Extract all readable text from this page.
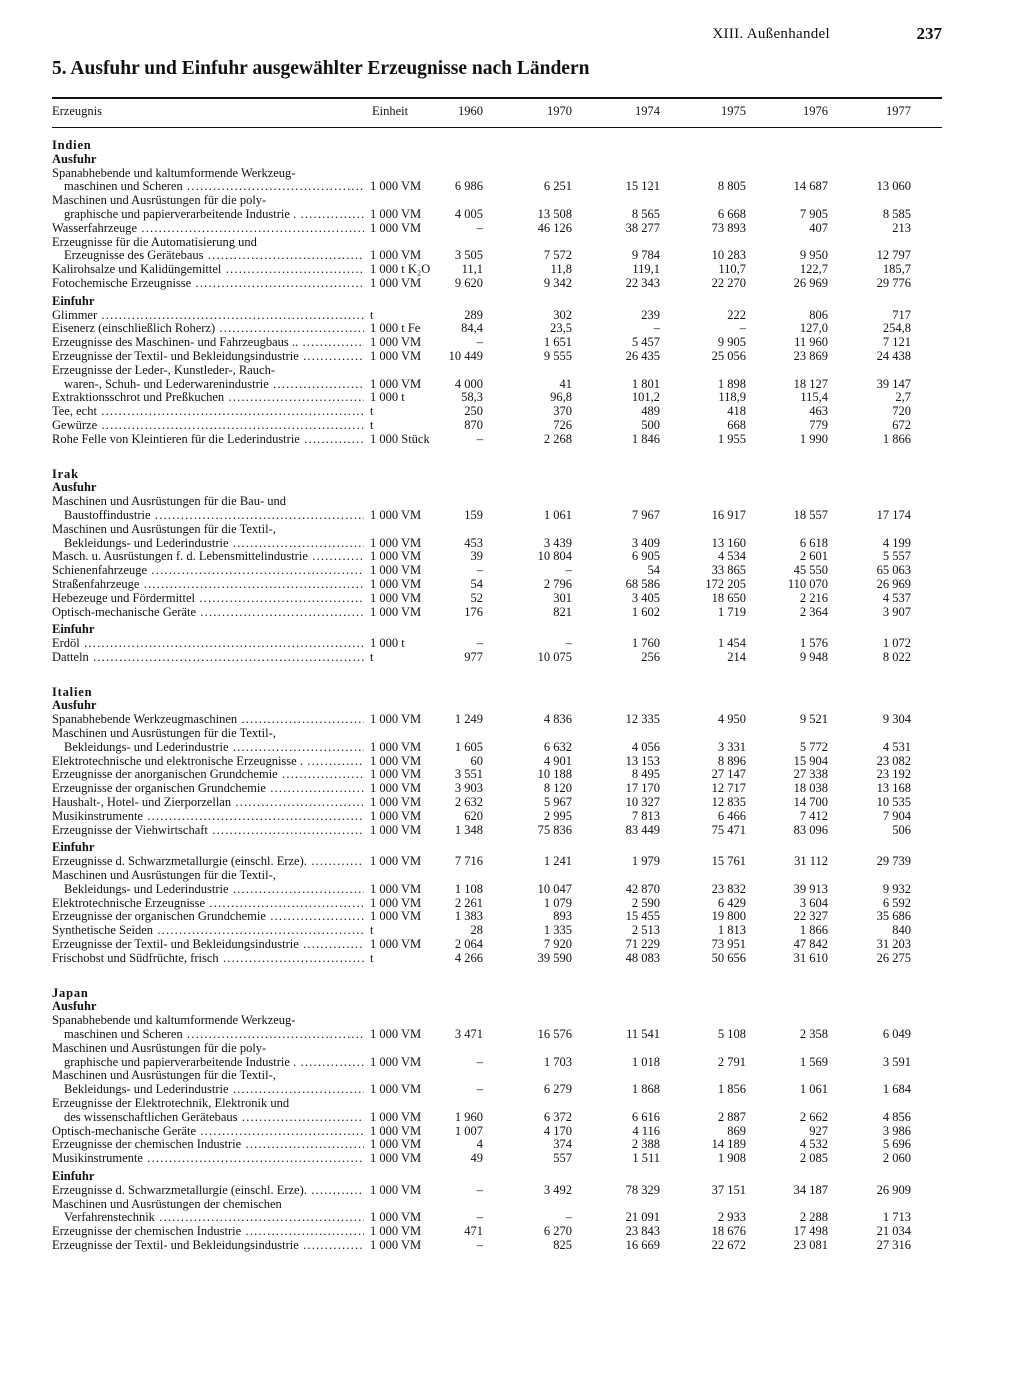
XIII. Außenhandel	237
5. Ausfuhr und Einfuhr ausgewählter Erzeugnisse nach Ländern
Erzeugnis	Einheit	1960	1970	1974	1975	1976	1977
Indien
Ausfuhr
Spanabhebende und kaltumformende Werkzeug-
maschinen und Scheren .....	1 000 VM	6 986	6 251	15 121	8 805	14 687	13 060
Maschinen und Ausrüstungen für die poly-
graphische und papierverarbeitende Industrie . .....	1 000 VM	4 005	13 508	8 565	6 668	7 905	8 585
Wasserfahrzeuge .....	1 000 VM	–	46 126	38 277	73 893	407	213
Erzeugnisse für die Automatisierung und
Erzeugnisse des Gerätebaus .....	1 000 VM	3 505	7 572	9 784	10 283	9 950	12 797
Kalirohsalze und Kalidüngemittel .....	1 000 t K₂O	11,1	11,8	119,1	110,7	122,7	185,7
Fotochemische Erzeugnisse .....	1 000 VM	9 620	9 342	22 343	22 270	26 969	29 776
Einfuhr
Glimmer .....	t	289	302	239	222	806	717
Eisenerz (einschließlich Roherz) .....	1 000 t Fe	84,4	23,5	–	–	127,0	254,8
Erzeugnisse des Maschinen- und Fahrzeugbaus .. .....	1 000 VM	–	1 651	5 457	9 905	11 960	7 121
Erzeugnisse der Textil- und Bekleidungsindustrie .....	1 000 VM 10 449	9 555	26 435	25 056	23 869	24 438
Erzeugnisse der Leder-, Kunstleder-, Rauch-
waren-, Schuh- und Lederwarenindustrie .....	1 000 VM	4 000	41	1 801	1 898	18 127	39 147
Extraktionsschrot und Preßkuchen .....	1 000 t	58,3	96,8	101,2	118,9	115,4	2,7
Tee, echt .....	t	250	370	489	418	463	720
Gewürze .....	t	870	726	500	668	779	672
Rohe Felle von Kleintieren für die Lederindustrie .....	1 000 Stück	–	2 268	1 846	1 955	1 990	1 866
Irak
Ausfuhr
Maschinen und Ausrüstungen für die Bau- und
Baustoffindustrie .....	1 000 VM	159	1 061	7 967	16 917	18 557	17 174
Maschinen und Ausrüstungen für die Textil-,
Bekleidungs- und Lederindustrie .....	1 000 VM	453	3 439	3 409	13 160	6 618	4 199
Masch. u. Ausrüstungen f. d. Lebensmittelindustrie .....	1 000 VM	39	10 804	6 905	4 534	2 601	5 557
Schienenfahrzeuge .....	1 000 VM	–	–	54	33 865	45 550	65 063
Straßenfahrzeuge .....	1 000 VM	54	2 796	68 586	172 205	110 070	26 969
Hebezeuge und Fördermittel .....	1 000 VM	52	301	3 405	18 650	2 216	4 537
Optisch-mechanische Geräte .....	1 000 VM	176	821	1 602	1 719	2 364	3 907
Einfuhr
Erdöl .....	1 000 t	–	–	1 760	1 454	1 576	1 072
Datteln .....	t	977	10 075	256	214	9 948	8 022
Italien
Ausfuhr
Spanabhebende Werkzeugmaschinen .....	1 000 VM	1 249	4 836	12 335	4 950	9 521	9 304
Maschinen und Ausrüstungen für die Textil-,
Bekleidungs- und Lederindustrie .....	1 000 VM	1 605	6 632	4 056	3 331	5 772	4 531
Elektrotechnische und elektronische Erzeugnisse . .....	1 000 VM	60	4 901	13 153	8 896	15 904	23 082
Erzeugnisse der anorganischen Grundchemie .....	1 000 VM	3 551	10 188	8 495	27 147	27 338	23 192
Erzeugnisse der organischen Grundchemie .....	1 000 VM	3 903	8 120	17 170	12 717	18 038	13 168
Haushalt-, Hotel- und Zierporzellan .....	1 000 VM	2 632	5 967	10 327	12 835	14 700	10 535
Musikinstrumente .....	1 000 VM	620	2 995	7 813	6 466	7 412	7 904
Erzeugnisse der Viehwirtschaft .....	1 000 VM	1 348	75 836	83 449	75 471	83 096	506
Einfuhr
Erzeugnisse d. Schwarzmetallurgie (einschl. Erze). .....	1 000 VM	7 716	1 241	1 979	15 761	31 112	29 739
Maschinen und Ausrüstungen für die Textil-,
Bekleidungs- und Lederindustrie .....	1 000 VM	1 108	10 047	42 870	23 832	39 913	9 932
Elektrotechnische Erzeugnisse .....	1 000 VM	2 261	1 079	2 590	6 429	3 604	6 592
Erzeugnisse der organischen Grundchemie .....	1 000 VM	1 383	893	15 455	19 800	22 327	35 686
Synthetische Seiden .....	t	28	1 335	2 513	1 813	1 866	840
Erzeugnisse der Textil- und Bekleidungsindustrie .....	1 000 VM	2 064	7 920	71 229	73 951	47 842	31 203
Frischobst und Südfrüchte, frisch .....	t	4 266	39 590	48 083	50 656	31 610	26 275
Japan
Ausfuhr
Spanabhebende und kaltumformende Werkzeug-
maschinen und Scheren .....	1 000 VM	3 471	16 576	11 541	5 108	2 358	6 049
Maschinen und Ausrüstungen für die poly-
graphische und papierverarbeitende Industrie . .....	1 000 VM	–	1 703	1 018	2 791	1 569	3 591
Maschinen und Ausrüstungen für die Textil-,
Bekleidungs- und Lederindustrie .....	1 000 VM	–	6 279	1 868	1 856	1 061	1 684
Erzeugnisse der Elektrotechnik, Elektronik und
des wissenschaftlichen Gerätebaus .....	1 000 VM	1 960	6 372	6 616	2 887	2 662	4 856
Optisch-mechanische Geräte .....	1 000 VM	1 007	4 170	4 116	869	927	3 986
Erzeugnisse der chemischen Industrie .....	1 000 VM	4	374	2 388	14 189	4 532	5 696
Musikinstrumente .....	1 000 VM	49	557	1 511	1 908	2 085	2 060
Einfuhr
Erzeugnisse d. Schwarzmetallurgie (einschl. Erze). .....	1 000 VM	–	3 492	78 329	37 151	34 187	26 909
Maschinen und Ausrüstungen der chemischen
Verfahrenstechnik .....	1 000 VM	–	–	21 091	2 933	2 288	1 713
Erzeugnisse der chemischen Industrie .....	1 000 VM	471	6 270	23 843	18 676	17 498	21 034
Erzeugnisse der Textil- und Bekleidungsindustrie .....	1 000 VM	–	825	16 669	22 672	23 081	27 316
